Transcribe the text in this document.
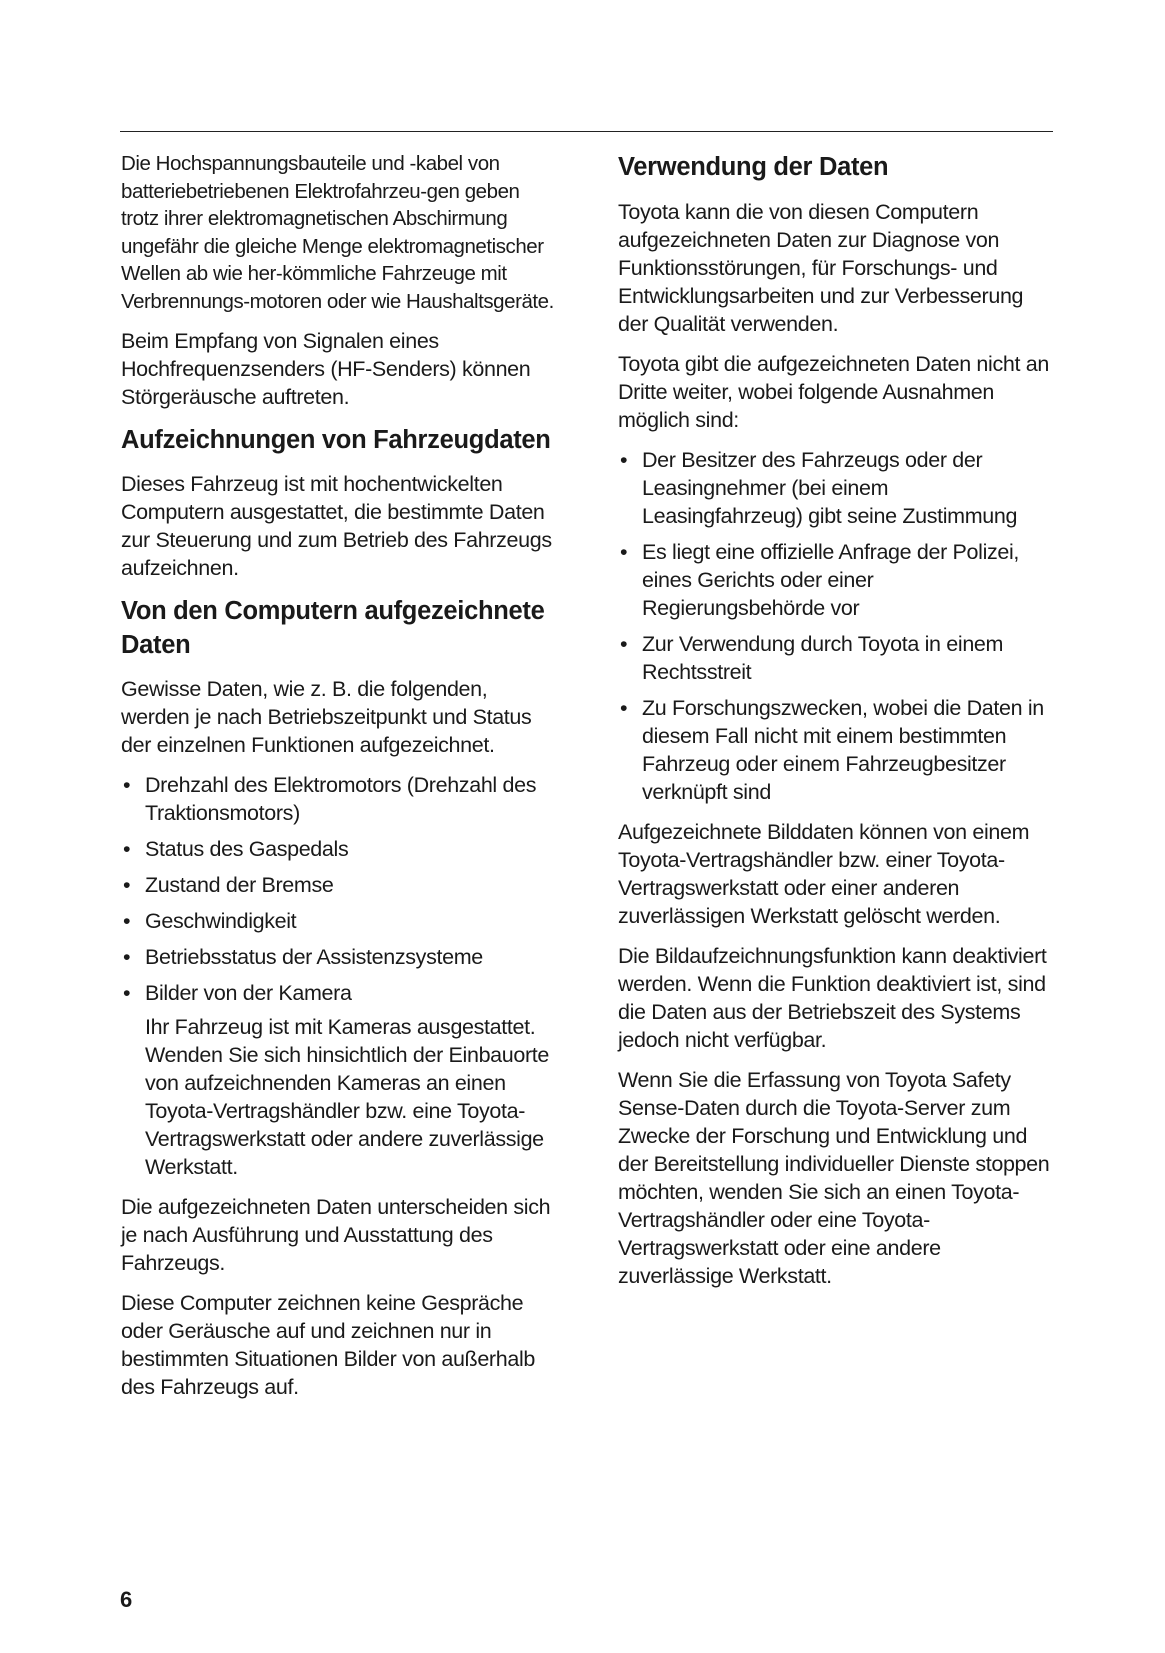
Die Hochspannungsbauteile und -kabel von batteriebetriebenen Elektrofahrzeu-gen geben trotz ihrer elektromagnetischen Abschirmung ungefähr die gleiche Menge elektromagnetischer Wellen ab wie her-kömmliche Fahrzeuge mit Verbrennungs-motoren oder wie Haushaltsgeräte.

Beim Empfang von Signalen eines Hochfrequenzsenders (HF-Senders) können Störgeräusche auftreten.

Aufzeichnungen von Fahrzeugdaten

Dieses Fahrzeug ist mit hochentwickelten Computern ausgestattet, die bestimmte Daten zur Steuerung und zum Betrieb des Fahrzeugs aufzeichnen.

Von den Computern aufgezeichnete Daten

Gewisse Daten, wie z. B. die folgenden, werden je nach Betriebszeitpunkt und Status der einzelnen Funktionen aufgezeichnet.

• Drehzahl des Elektromotors (Drehzahl des Traktionsmotors)
• Status des Gaspedals
• Zustand der Bremse
• Geschwindigkeit
• Betriebsstatus der Assistenzsysteme
• Bilder von der Kamera
Ihr Fahrzeug ist mit Kameras ausgestattet. Wenden Sie sich hinsichtlich der Einbauorte von aufzeichnenden Kameras an einen Toyota-Vertragshändler bzw. eine Toyota-Vertragswerkstatt oder andere zuverlässige Werkstatt.

Die aufgezeichneten Daten unterscheiden sich je nach Ausführung und Ausstattung des Fahrzeugs.

Diese Computer zeichnen keine Gespräche oder Geräusche auf und zeichnen nur in bestimmten Situationen Bilder von außerhalb des Fahrzeugs auf.

Verwendung der Daten

Toyota kann die von diesen Computern aufgezeichneten Daten zur Diagnose von Funktionsstörungen, für Forschungs- und Entwicklungsarbeiten und zur Verbesserung der Qualität verwenden.

Toyota gibt die aufgezeichneten Daten nicht an Dritte weiter, wobei folgende Ausnahmen möglich sind:

• Der Besitzer des Fahrzeugs oder der Leasingnehmer (bei einem Leasingfahrzeug) gibt seine Zustimmung
• Es liegt eine offizielle Anfrage der Polizei, eines Gerichts oder einer Regierungsbehörde vor
• Zur Verwendung durch Toyota in einem Rechtsstreit
• Zu Forschungszwecken, wobei die Daten in diesem Fall nicht mit einem bestimmten Fahrzeug oder einem Fahrzeugbesitzer verknüpft sind

Aufgezeichnete Bilddaten können von einem Toyota-Vertragshändler bzw. einer Toyota-Vertragswerkstatt oder einer anderen zuverlässigen Werkstatt gelöscht werden.

Die Bildaufzeichnungsfunktion kann deaktiviert werden. Wenn die Funktion deaktiviert ist, sind die Daten aus der Betriebszeit des Systems jedoch nicht verfügbar.

Wenn Sie die Erfassung von Toyota Safety Sense-Daten durch die Toyota-Server zum Zwecke der Forschung und Entwicklung und der Bereitstellung individueller Dienste stoppen möchten, wenden Sie sich an einen Toyota-Vertragshändler oder eine Toyota-Vertragswerkstatt oder eine andere zuverlässige Werkstatt.

6
